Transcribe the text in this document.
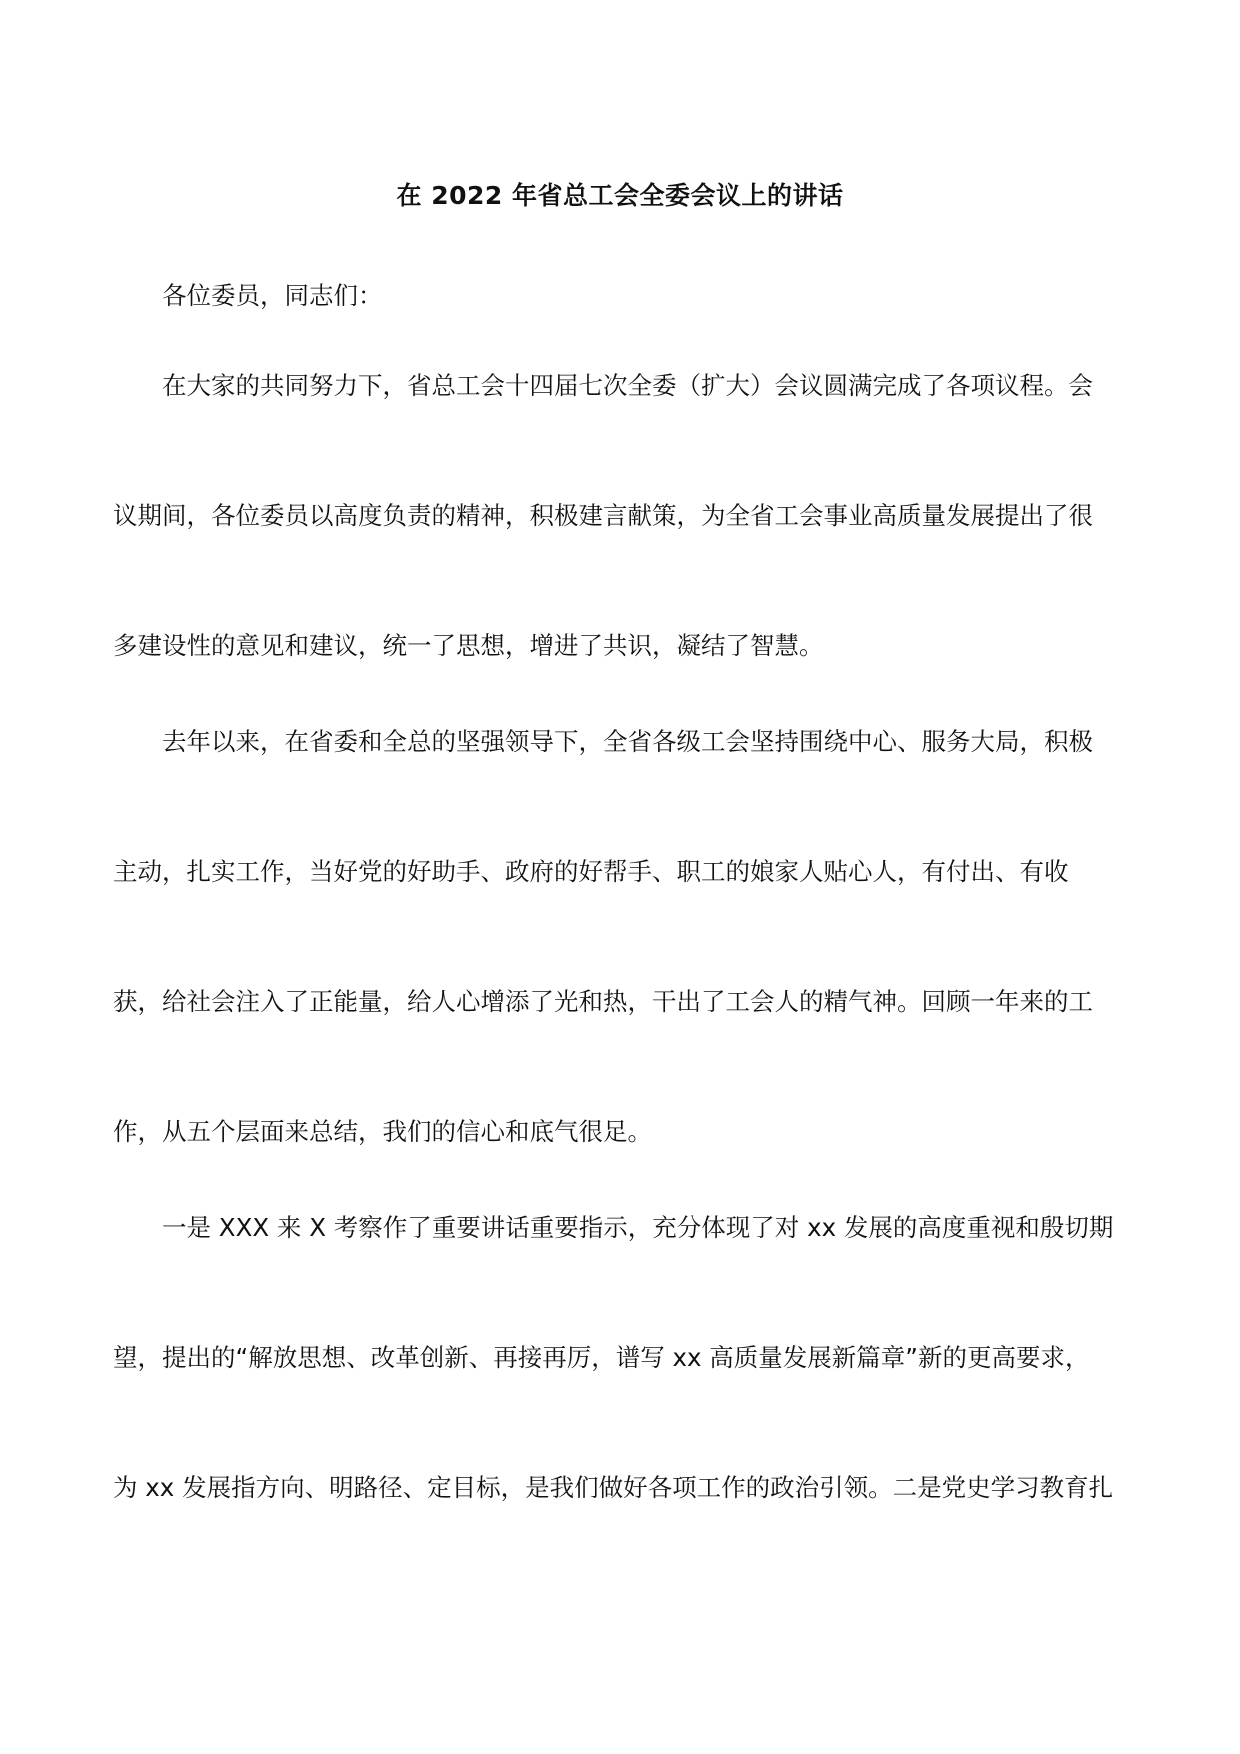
在 2022 年省总工会全委会议上的讲话
各位委员，同志们：
在大家的共同努力下，省总工会十四届七次全委（扩大）会议圆满完成了各项议程。会
议期间，各位委员以高度负责的精神，积极建言献策，为全省工会事业高质量发展提出了很
多建设性的意见和建议，统一了思想，增进了共识，凝结了智慧。
去年以来，在省委和全总的坚强领导下，全省各级工会坚持围绕中心、服务大局，积极
主动，扎实工作，当好党的好助手、政府的好帮手、职工的娘家人贴心人，有付出、有收
获，给社会注入了正能量，给人心增添了光和热，干出了工会人的精气神。回顾一年来的工
作，从五个层面来总结，我们的信心和底气很足。
一是 XXX 来 X 考察作了重要讲话重要指示，充分体现了对 xx 发展的高度重视和殷切期
望，提出的“解放思想、改革创新、再接再厉，谱写 xx 高质量发展新篇章”新的更高要求，
为 xx 发展指方向、明路径、定目标，是我们做好各项工作的政治引领。二是党史学习教育扎
